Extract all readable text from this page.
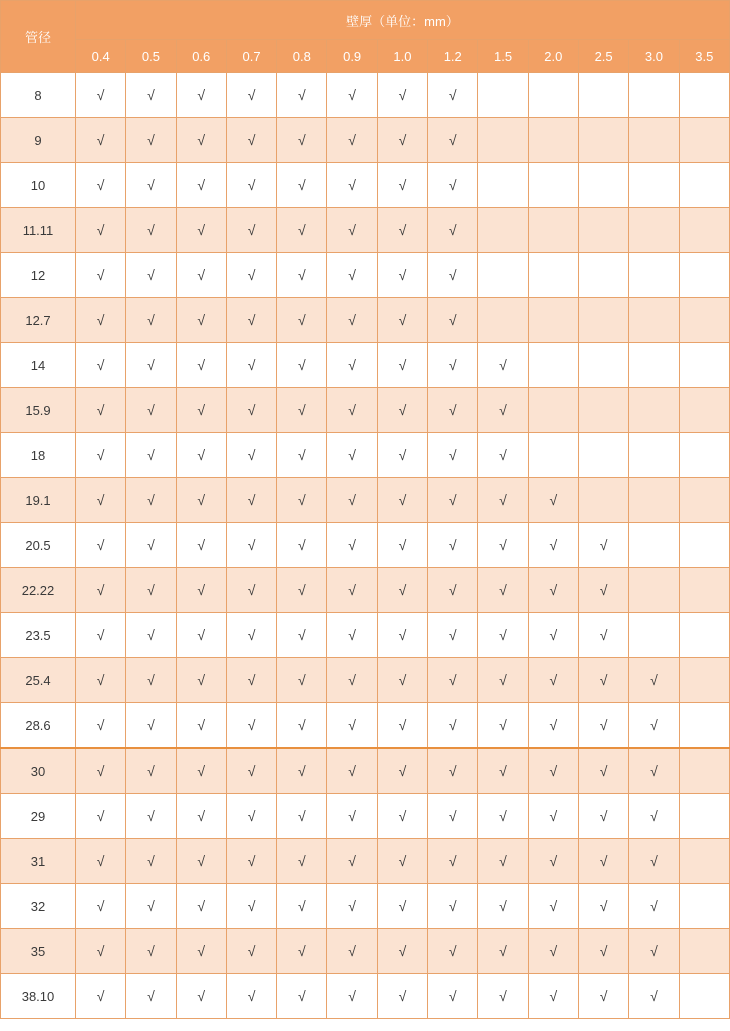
管径	壁厚（单位：mm）												
	0.4	0.5	0.6	0.7	0.8	0.9	1.0	1.2	1.5	2.0	2.5	3.0	3.5
8	√	√	√	√	√	√	√	√					
9	√	√	√	√	√	√	√	√					
10	√	√	√	√	√	√	√	√					
11.11	√	√	√	√	√	√	√	√					
12	√	√	√	√	√	√	√	√					
12.7	√	√	√	√	√	√	√	√					
14	√	√	√	√	√	√	√	√	√				
15.9	√	√	√	√	√	√	√	√	√				
18	√	√	√	√	√	√	√	√	√				
19.1	√	√	√	√	√	√	√	√	√	√			
20.5	√	√	√	√	√	√	√	√	√	√	√		
22.22	√	√	√	√	√	√	√	√	√	√	√		
23.5	√	√	√	√	√	√	√	√	√	√	√		
25.4	√	√	√	√	√	√	√	√	√	√	√	√	
28.6	√	√	√	√	√	√	√	√	√	√	√	√	
30	√	√	√	√	√	√	√	√	√	√	√	√	
29	√	√	√	√	√	√	√	√	√	√	√	√	
31	√	√	√	√	√	√	√	√	√	√	√	√	
32	√	√	√	√	√	√	√	√	√	√	√	√	
35	√	√	√	√	√	√	√	√	√	√	√	√	
38.10	√	√	√	√	√	√	√	√	√	√	√	√	
